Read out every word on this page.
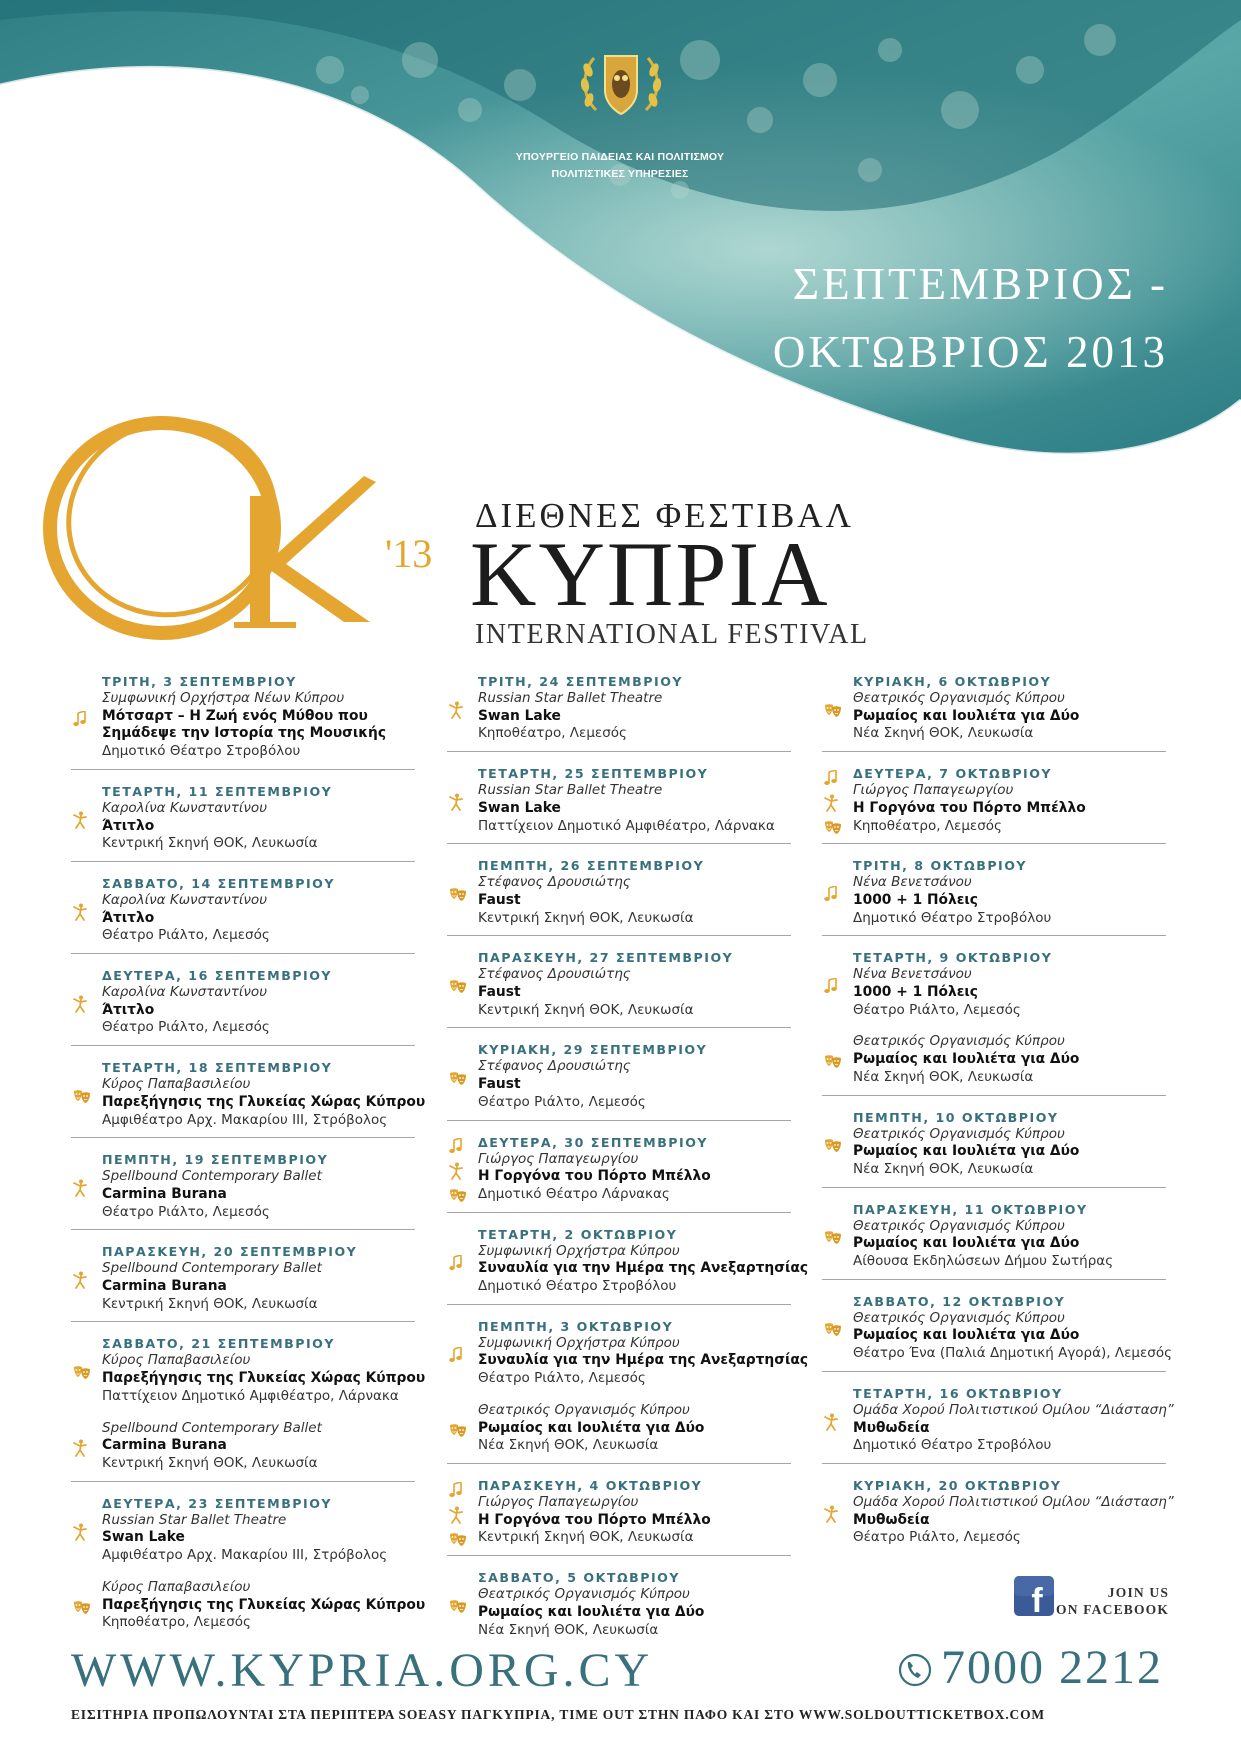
ΥΠΟΥΡΓΕΙΟ ΠΑΙΔΕΙΑΣ ΚΑΙ ΠΟΛΙΤΙΣΜΟΥ
ΠΟΛΙΤΙΣΤΙΚΕΣ ΥΠΗΡΕΣΙΕΣ
ΣΕΠΤΕΜΒΡΙΟΣ -
ΟΚΤΩΒΡΙΟΣ 2013
'13
ΔΙΕΘΝΕΣ ΦΕΣΤΙΒΑΛ
ΚΥΠΡΙΑ
INTERNATIONAL FESTIVAL
ΤΡΙΤΗ, 3 ΣΕΠΤΕΜΒΡΙΟΥ
Συμφωνική Ορχήστρα Νέων Κύπρου
Μότσαρτ – Η Ζωή ενός Μύθου που
Σημάδεψε την Ιστορία της Μουσικής
Δημοτικό Θέατρο Στροβόλου
ΤΕΤΑΡΤΗ, 11 ΣΕΠΤΕΜΒΡΙΟΥ
Καρολίνα Κωνσταντίνου
Άτιτλο
Κεντρική Σκηνή ΘΟΚ, Λευκωσία
ΣΑΒΒΑΤΟ, 14 ΣΕΠΤΕΜΒΡΙΟΥ
Καρολίνα Κωνσταντίνου
Άτιτλο
Θέατρο Ριάλτο, Λεμεσός
ΔΕΥΤΕΡΑ, 16 ΣΕΠΤΕΜΒΡΙΟΥ
Καρολίνα Κωνσταντίνου
Άτιτλο
Θέατρο Ριάλτο, Λεμεσός
ΤΕΤΑΡΤΗ, 18 ΣΕΠΤΕΜΒΡΙΟΥ
Κύρος Παπαβασιλείου
Παρεξήγησις της Γλυκείας Χώρας Κύπρου
Αμφιθέατρο Αρχ. Μακαρίου ΙΙΙ, Στρόβολος
ΠΕΜΠΤΗ, 19 ΣΕΠΤΕΜΒΡΙΟΥ
Spellbound Contemporary Ballet
Carmina Burana
Θέατρο Ριάλτο, Λεμεσός
ΠΑΡΑΣΚΕΥΗ, 20 ΣΕΠΤΕΜΒΡΙΟΥ
Spellbound Contemporary Ballet
Carmina Burana
Κεντρική Σκηνή ΘΟΚ, Λευκωσία
ΣΑΒΒΑΤΟ, 21 ΣΕΠΤΕΜΒΡΙΟΥ
Κύρος Παπαβασιλείου
Παρεξήγησις της Γλυκείας Χώρας Κύπρου
Παττίχειον Δημοτικό Αμφιθέατρο, Λάρνακα
Spellbound Contemporary Ballet
Carmina Burana
Κεντρική Σκηνή ΘΟΚ, Λευκωσία
ΔΕΥΤΕΡΑ, 23 ΣΕΠΤΕΜΒΡΙΟΥ
Russian Star Ballet Theatre
Swan Lake
Αμφιθέατρο Αρχ. Μακαρίου ΙΙΙ, Στρόβολος
Κύρος Παπαβασιλείου
Παρεξήγησις της Γλυκείας Χώρας Κύπρου
Κηποθέατρο, Λεμεσός
ΤΡΙΤΗ, 24 ΣΕΠΤΕΜΒΡΙΟΥ
Russian Star Ballet Theatre
Swan Lake
Κηποθέατρο, Λεμεσός
ΤΕΤΑΡΤΗ, 25 ΣΕΠΤΕΜΒΡΙΟΥ
Russian Star Ballet Theatre
Swan Lake
Παττίχειον Δημοτικό Αμφιθέατρο, Λάρνακα
ΠΕΜΠΤΗ, 26 ΣΕΠΤΕΜΒΡΙΟΥ
Στέφανος Δρουσιώτης
Faust
Κεντρική Σκηνή ΘΟΚ, Λευκωσία
ΠΑΡΑΣΚΕΥΗ, 27 ΣΕΠΤΕΜΒΡΙΟΥ
Στέφανος Δρουσιώτης
Faust
Κεντρική Σκηνή ΘΟΚ, Λευκωσία
ΚΥΡΙΑΚΗ, 29 ΣΕΠΤΕΜΒΡΙΟΥ
Στέφανος Δρουσιώτης
Faust
Θέατρο Ριάλτο, Λεμεσός
ΔΕΥΤΕΡΑ, 30 ΣΕΠΤΕΜΒΡΙΟΥ
Γιώργος Παπαγεωργίου
Η Γοργόνα του Πόρτο Μπέλλο
Δημοτικό Θέατρο Λάρνακας
ΤΕΤΑΡΤΗ, 2 ΟΚΤΩΒΡΙΟΥ
Συμφωνική Ορχήστρα Κύπρου
Συναυλία για την Ημέρα της Ανεξαρτησίας
Δημοτικό Θέατρο Στροβόλου
ΠΕΜΠΤΗ, 3 ΟΚΤΩΒΡΙΟΥ
Συμφωνική Ορχήστρα Κύπρου
Συναυλία για την Ημέρα της Ανεξαρτησίας
Θέατρο Ριάλτο, Λεμεσός
Θεατρικός Οργανισμός Κύπρου
Ρωμαίος και Ιουλιέτα για Δύο
Νέα Σκηνή ΘΟΚ, Λευκωσία
ΠΑΡΑΣΚΕΥΗ, 4 ΟΚΤΩΒΡΙΟΥ
Γιώργος Παπαγεωργίου
Η Γοργόνα του Πόρτο Μπέλλο
Κεντρική Σκηνή ΘΟΚ, Λευκωσία
ΣΑΒΒΑΤΟ, 5 ΟΚΤΩΒΡΙΟΥ
Θεατρικός Οργανισμός Κύπρου
Ρωμαίος και Ιουλιέτα για Δύο
Νέα Σκηνή ΘΟΚ, Λευκωσία
ΚΥΡΙΑΚΗ, 6 ΟΚΤΩΒΡΙΟΥ
Θεατρικός Οργανισμός Κύπρου
Ρωμαίος και Ιουλιέτα για Δύο
Νέα Σκηνή ΘΟΚ, Λευκωσία
ΔΕΥΤΕΡΑ, 7 ΟΚΤΩΒΡΙΟΥ
Γιώργος Παπαγεωργίου
Η Γοργόνα του Πόρτο Μπέλλο
Κηποθέατρο, Λεμεσός
ΤΡΙΤΗ, 8 ΟΚΤΩΒΡΙΟΥ
Νένα Βενετσάνου
1000 + 1 Πόλεις
Δημοτικό Θέατρο Στροβόλου
ΤΕΤΑΡΤΗ, 9 ΟΚΤΩΒΡΙΟΥ
Νένα Βενετσάνου
1000 + 1 Πόλεις
Θέατρο Ριάλτο, Λεμεσός
Θεατρικός Οργανισμός Κύπρου
Ρωμαίος και Ιουλιέτα για Δύο
Νέα Σκηνή ΘΟΚ, Λευκωσία
ΠΕΜΠΤΗ, 10 ΟΚΤΩΒΡΙΟΥ
Θεατρικός Οργανισμός Κύπρου
Ρωμαίος και Ιουλιέτα για Δύο
Νέα Σκηνή ΘΟΚ, Λευκωσία
ΠΑΡΑΣΚΕΥΗ, 11 ΟΚΤΩΒΡΙΟΥ
Θεατρικός Οργανισμός Κύπρου
Ρωμαίος και Ιουλιέτα για Δύο
Αίθουσα Εκδηλώσεων Δήμου Σωτήρας
ΣΑΒΒΑΤΟ, 12 ΟΚΤΩΒΡΙΟΥ
Θεατρικός Οργανισμός Κύπρου
Ρωμαίος και Ιουλιέτα για Δύο
Θέατρο Ένα (Παλιά Δημοτική Αγορά), Λεμεσός
ΤΕΤΑΡΤΗ, 16 ΟΚΤΩΒΡΙΟΥ
Ομάδα Χορού Πολιτιστικού Ομίλου “Διάσταση”
Μυθωδεία
Δημοτικό Θέατρο Στροβόλου
ΚΥΡΙΑΚΗ, 20 ΟΚΤΩΒΡΙΟΥ
Ομάδα Χορού Πολιτιστικού Ομίλου “Διάσταση”
Μυθωδεία
Θέατρο Ριάλτο, Λεμεσός
f	JOIN US
ON FACEBOOK
WWW.KYPRIA.ORG.CY	7000 2212
ΕΙΣΙΤΗΡΙΑ ΠΡΟΠΩΛΟΥΝΤΑΙ ΣΤΑ ΠΕΡΙΠΤΕΡΑ SOEASY ΠΑΓΚΥΠΡΙΑ, TIME OUT ΣΤΗΝ ΠΑΦΟ ΚΑΙ ΣΤΟ WWW.SOLDOUTTICKETBOX.COM
